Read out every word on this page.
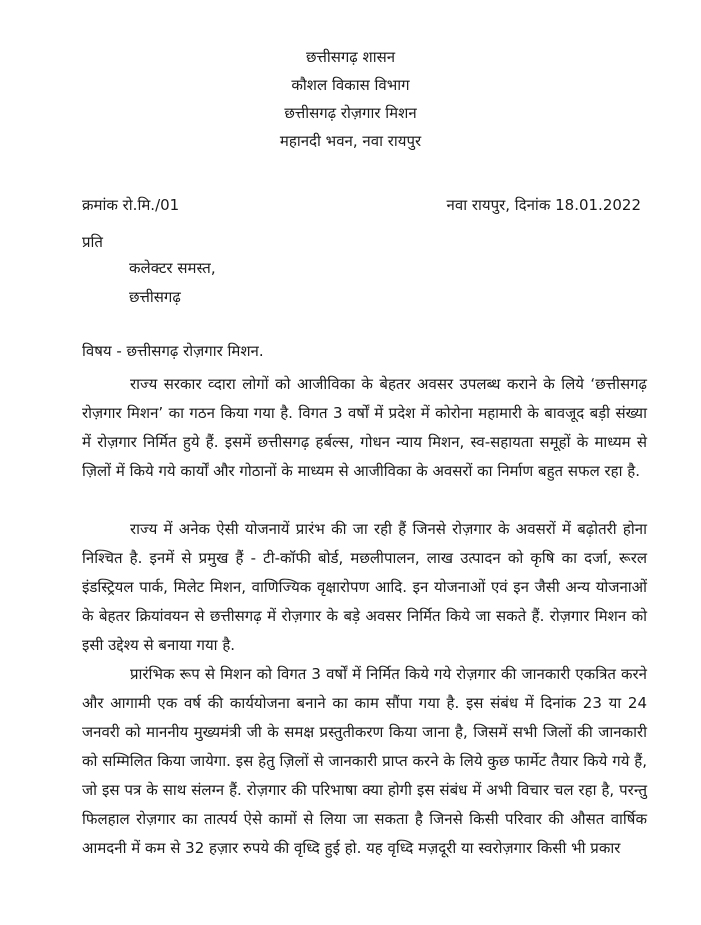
छत्तीसगढ़ शासन
कौशल विकास विभाग
छत्तीसगढ़ रोज़गार मिशन
महानदी भवन, नवा रायपुर
क्रमांक रो.मि./01	नवा रायपुर, दिनांक 18.01.2022
प्रति
कलेक्टर समस्त,
छत्तीसगढ़
विषय - छत्तीसगढ़ रोज़गार मिशन.
राज्य सरकार व्दारा लोगों को आजीविका के बेहतर अवसर उपलब्ध कराने के लिये ‘छत्तीसगढ़ रोज़गार मिशन’ का गठन किया गया है. विगत 3 वर्षों में प्रदेश में कोरोना महामारी के बावजूद बड़ी संख्या में रोज़गार निर्मित हुये हैं. इसमें छत्तीसगढ़ हर्बल्स, गोधन न्याय मिशन, स्व-सहायता समूहों के माध्यम से ज़िलों में किये गये कार्यों और गोठानों के माध्यम से आजीविका के अवसरों का निर्माण बहुत सफल रहा है.
राज्य में अनेक ऐसी योजनायें प्रारंभ की जा रही हैं जिनसे रोज़गार के अवसरों में बढ़ोतरी होना निश्चित है. इनमें से प्रमुख हैं - टी-कॉफी बोर्ड, मछलीपालन, लाख उत्पादन को कृषि का दर्जा, रूरल इंडस्ट्रियल पार्क, मिलेट मिशन, वाणिज्यिक वृक्षारोपण आदि. इन योजनाओं एवं इन जैसी अन्य योजनाओं के बेहतर क्रियांवयन से छत्तीसगढ़ में रोज़गार के बड़े अवसर निर्मित किये जा सकते हैं. रोज़गार मिशन को इसी उद्देश्य से बनाया गया है.
प्रारंभिक रूप से मिशन को विगत 3 वर्षों में निर्मित किये गये रोज़गार की जानकारी एकत्रित करने और आगामी एक वर्ष की कार्ययोजना बनाने का काम सौंपा गया है. इस संबंध में दिनांक 23 या 24 जनवरी को माननीय मुख्यमंत्री जी के समक्ष प्रस्तुतीकरण किया जाना है, जिसमें सभी जिलों की जानकारी को सम्मिलित किया जायेगा. इस हेतु ज़िलों से जानकारी प्राप्त करने के लिये कुछ फार्मेट तैयार किये गये हैं, जो इस पत्र के साथ संलग्न हैं. रोज़गार की परिभाषा क्या होगी इस संबंध में अभी विचार चल रहा है, परन्तु फिलहाल रोज़गार का तात्पर्य ऐसे कामों से लिया जा सकता है जिनसे किसी परिवार की औसत वार्षिक आमदनी में कम से 32 हज़ार रुपये की वृध्दि हुई हो. यह वृध्दि मज़दूरी या स्वरोज़गार किसी भी प्रकार
